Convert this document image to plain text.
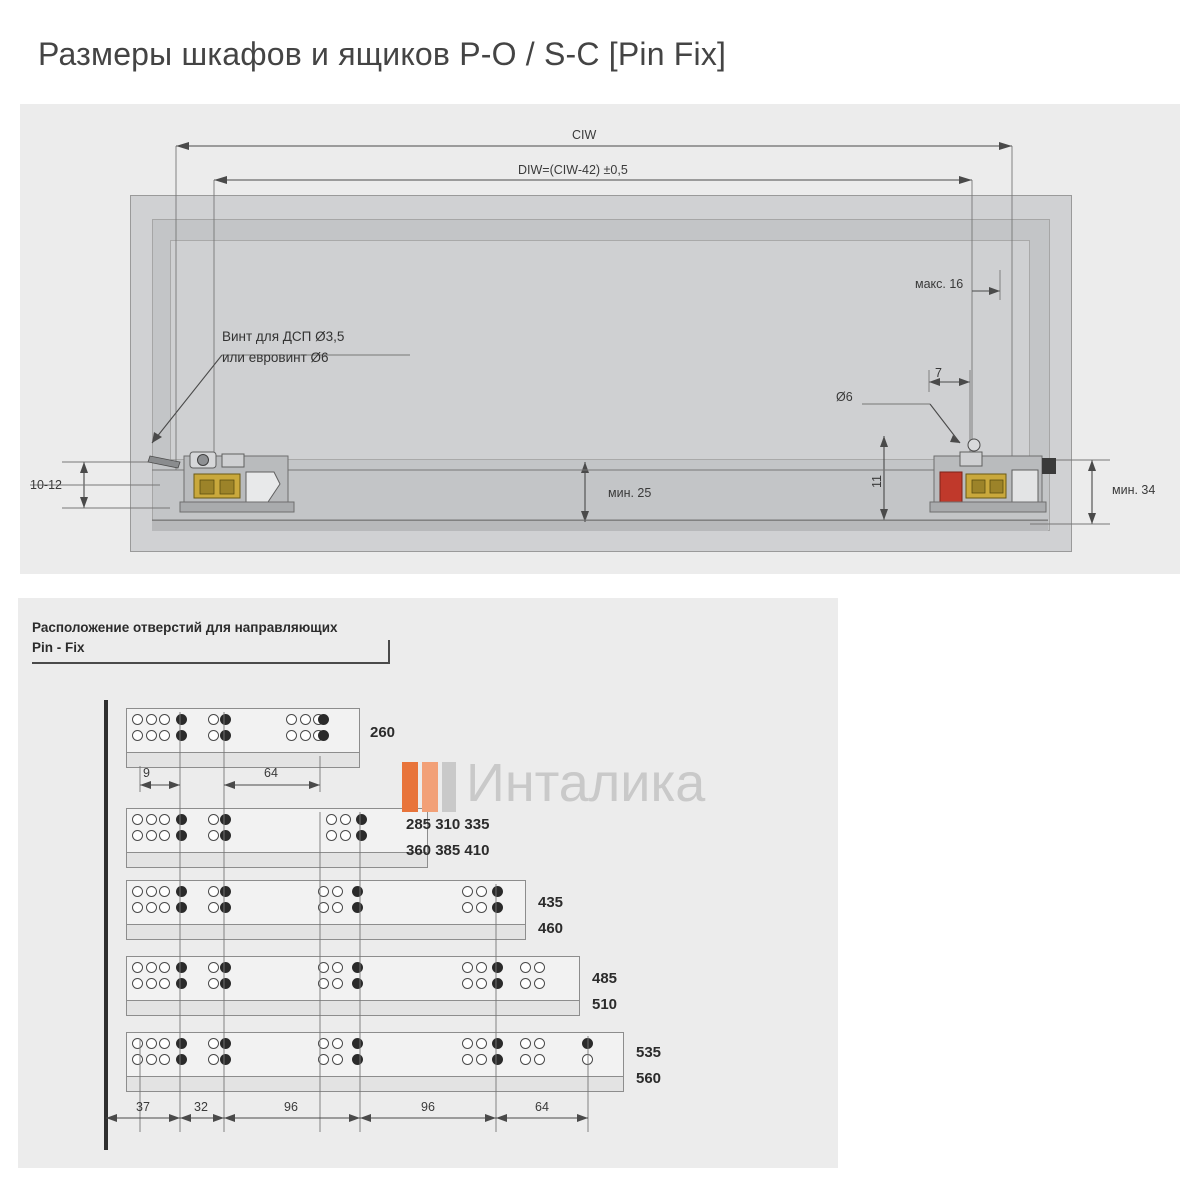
Размеры шкафов и ящиков P-O / S-C [Pin Fix]
CIW
DIW=(CIW-42) ±0,5
макс. 16
7
Ø6
мин. 25	мин. 34
10-12	11
Винт для ДСП Ø3,5
или еврoвинт Ø6
Расположение отверстий для направляющих
Pin - Fix
260
285 310 335
360 385 410
435
460
485
510
535
560
9	64
37	32	96	96	64
Инталика
